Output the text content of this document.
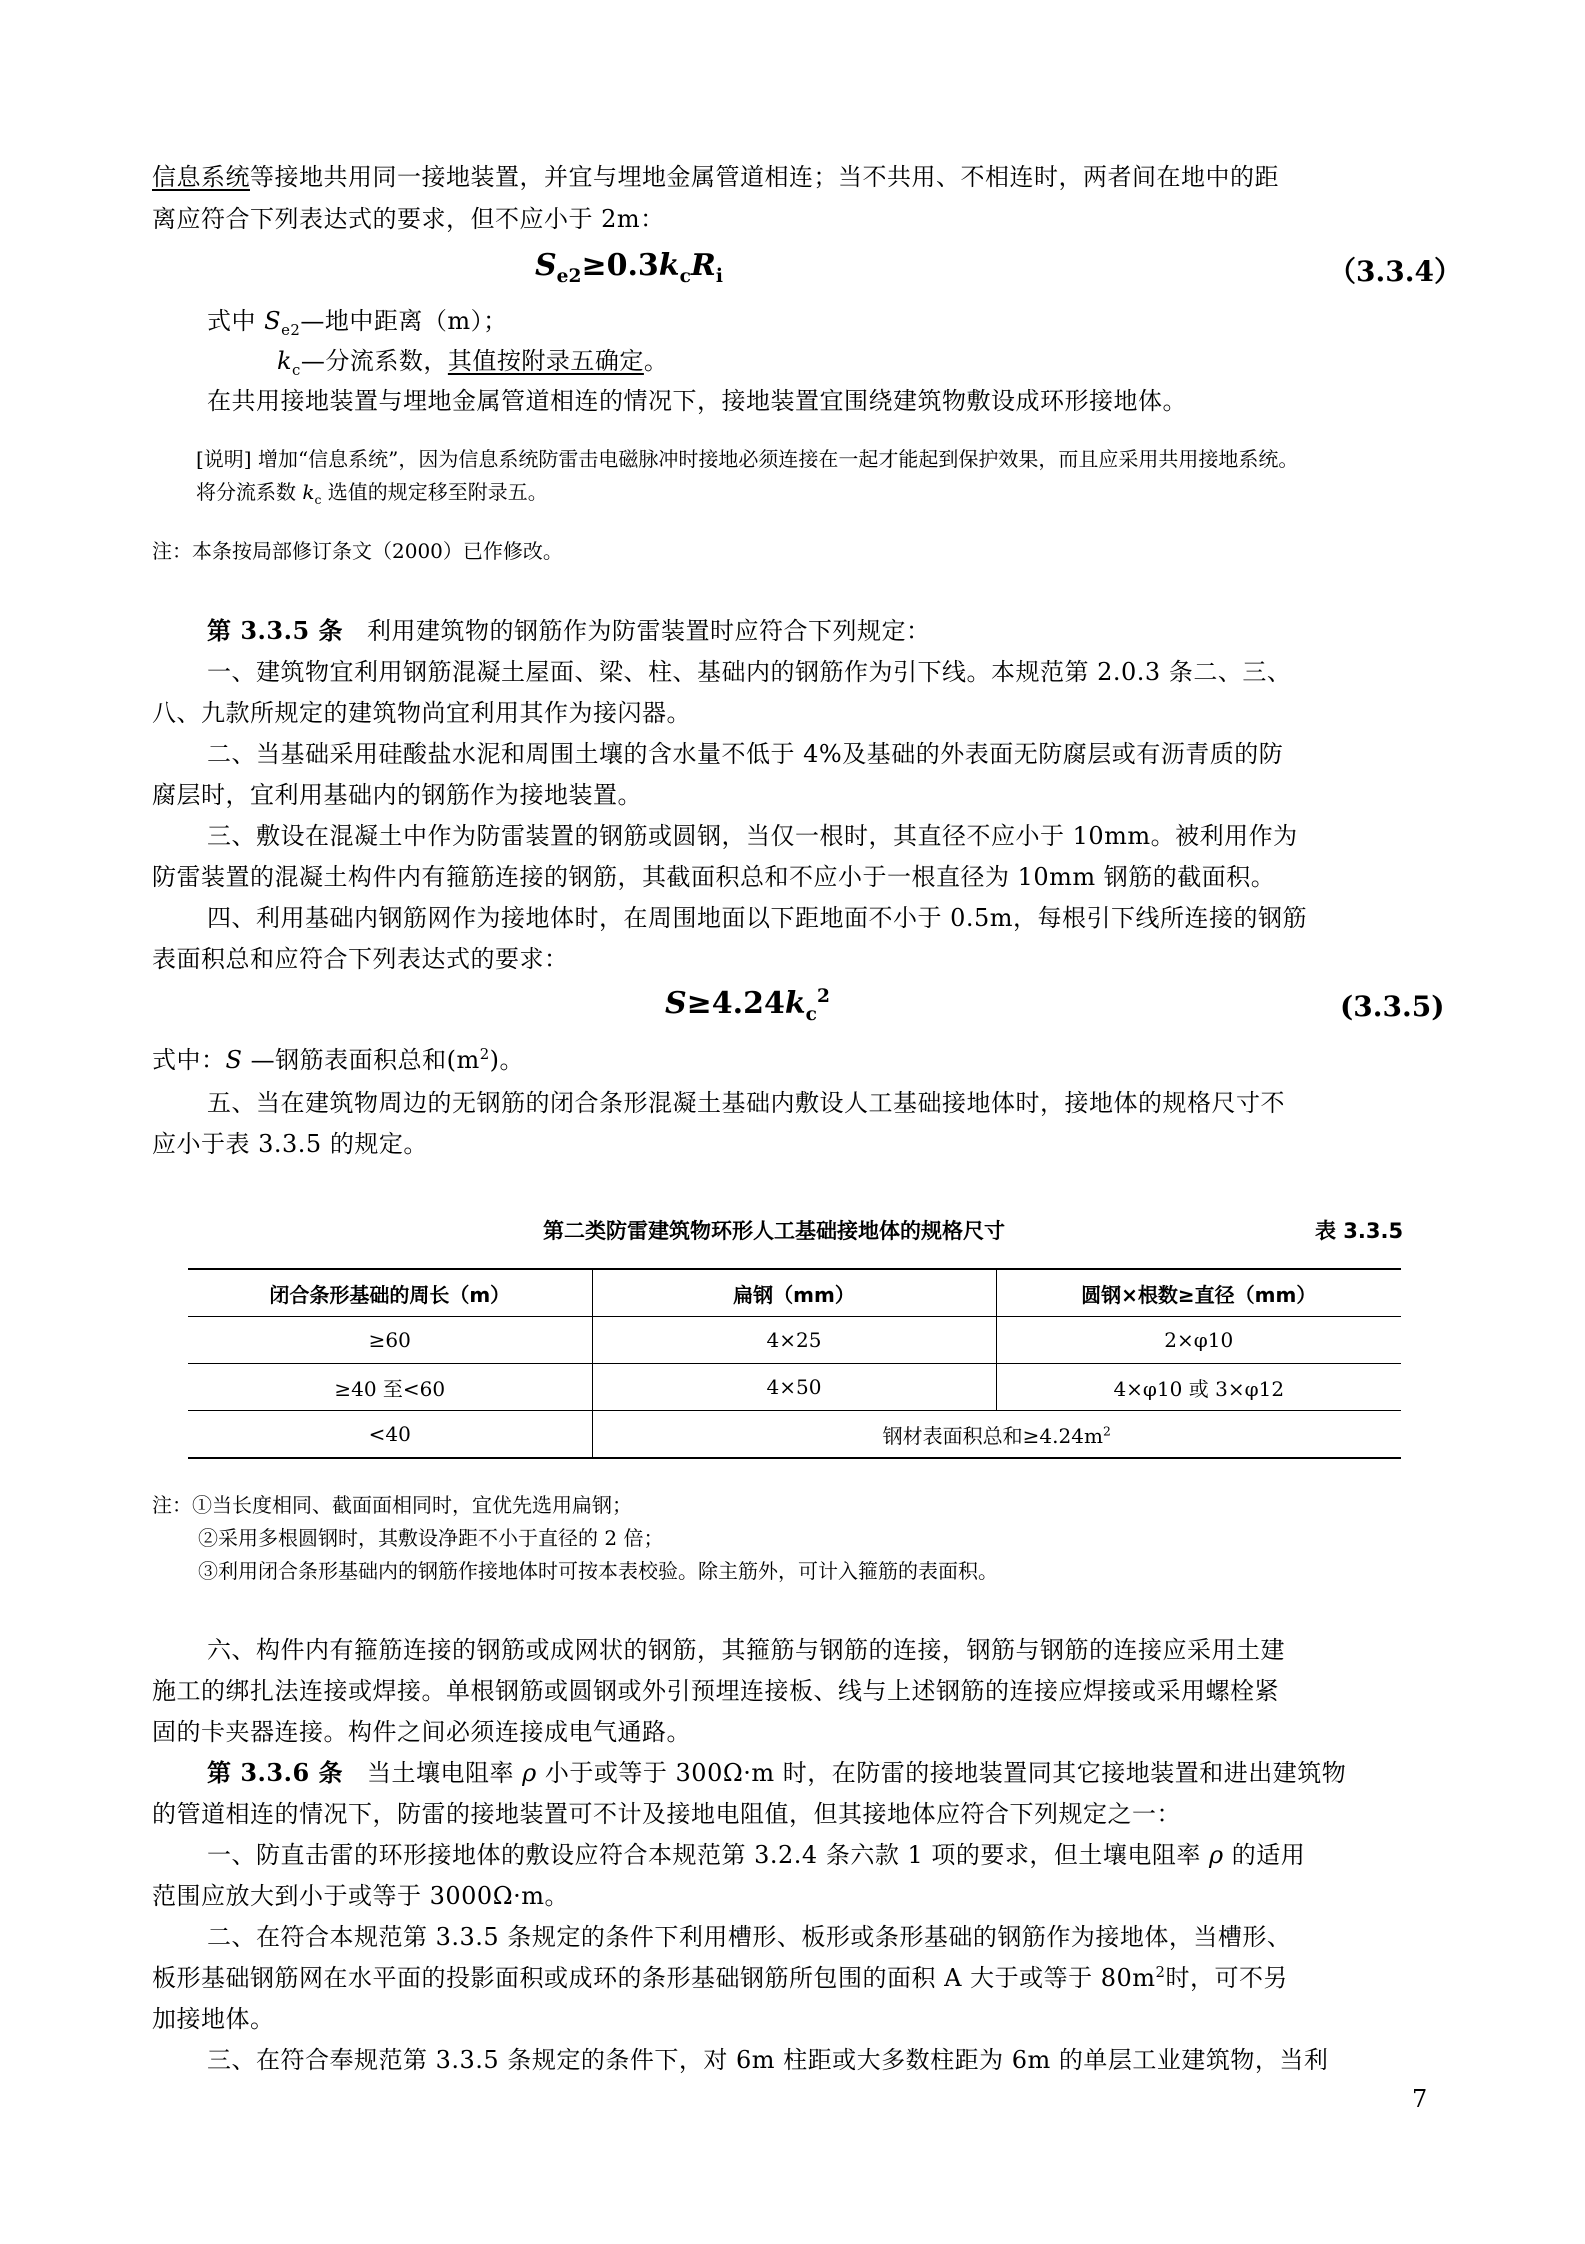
信息系统等接地共用同一接地装置，并宜与埋地金属管道相连；当不共用、不相连时，两者间在地中的距
离应符合下列表达式的要求，但不应小于 2m：
$S_{e2}\ge 0.3k_cR_i$	（3.3.4）
式中 $S_{e2}—$地中距离（m）；
$k_c—$分流系数，其值按附录五确定。
在共用接地装置与埋地金属管道相连的情况下，接地装置宜围绕建筑物敷设成环形接地体。
[说明] 增加“信息系统”，因为信息系统防雷击电磁脉冲时接地必须连接在一起才能起到保护效果，而且应采用共用接地系统。
将分流系数 $k_c$ 选值的规定移至附录五。
注：本条按局部修订条文（2000）已作修改。
第 3.3.5 条 利用建筑物的钢筋作为防雷装置时应符合下列规定：
一、建筑物宜利用钢筋混凝土屋面、梁、柱、基础内的钢筋作为引下线。本规范第 2.0.3 条二、三、
八、九款所规定的建筑物尚宜利用其作为接闪器。
二、当基础采用硅酸盐水泥和周围土壤的含水量不低于 4%及基础的外表面无防腐层或有沥青质的防
腐层时，宜利用基础内的钢筋作为接地装置。
三、敷设在混凝土中作为防雷装置的钢筋或圆钢，当仅一根时，其直径不应小于 10mm。被利用作为
防雷装置的混凝土构件内有箍筋连接的钢筋，其截面积总和不应小于一根直径为 10mm 钢筋的截面积。
四、利用基础内钢筋网作为接地体时，在周围地面以下距地面不小于 0.5m，每根引下线所连接的钢筋
表面积总和应符合下列表达式的要求：
$S\ge 4.24k_c^2$	(3.3.5)
式中：S —钢筋表面积总和$(m^2)$。
五、当在建筑物周边的无钢筋的闭合条形混凝土基础内敷设人工基础接地体时，接地体的规格尺寸不
应小于表 3.3.5 的规定。
第二类防雷建筑物环形人工基础接地体的规格尺寸	表 3.3.5
闭合条形基础的周长（m）	扁钢（mm）	圆钢×根数≥直径（mm）
≥60	4×25	2×φ10
≥40 至<60	4×50	4×φ10 或 3×φ12
<40	钢材表面积总和$\ge 4.24m^2$
注：①当长度相同、截面面相同时，宜优先选用扁钢；
②采用多根圆钢时，其敷设净距不小于直径的 2 倍；
③利用闭合条形基础内的钢筋作接地体时可按本表校验。除主筋外，可计入箍筋的表面积。
六、构件内有箍筋连接的钢筋或成网状的钢筋，其箍筋与钢筋的连接，钢筋与钢筋的连接应采用土建
施工的绑扎法连接或焊接。单根钢筋或圆钢或外引预埋连接板、线与上述钢筋的连接应焊接或采用螺栓紧
固的卡夹器连接。构件之间必须连接成电气通路。
第 3.3.6 条 当土壤电阻率 ρ 小于或等于 300Ω·m 时，在防雷的接地装置同其它接地装置和进出建筑物
的管道相连的情况下，防雷的接地装置可不计及接地电阻值，但其接地体应符合下列规定之一：
一、防直击雷的环形接地体的敷设应符合本规范第 3.2.4 条六款 1 项的要求，但土壤电阻率 ρ 的适用
范围应放大到小于或等于 3000Ω·m。
二、在符合本规范第 3.3.5 条规定的条件下利用槽形、板形或条形基础的钢筋作为接地体，当槽形、
板形基础钢筋网在水平面的投影面积或成环的条形基础钢筋所包围的面积 A 大于或等于 $80m^2$时，可不另
加接地体。
三、在符合奉规范第 3.3.5 条规定的条件下，对 6m 柱距或大多数柱距为 6m 的单层工业建筑物，当利
7
